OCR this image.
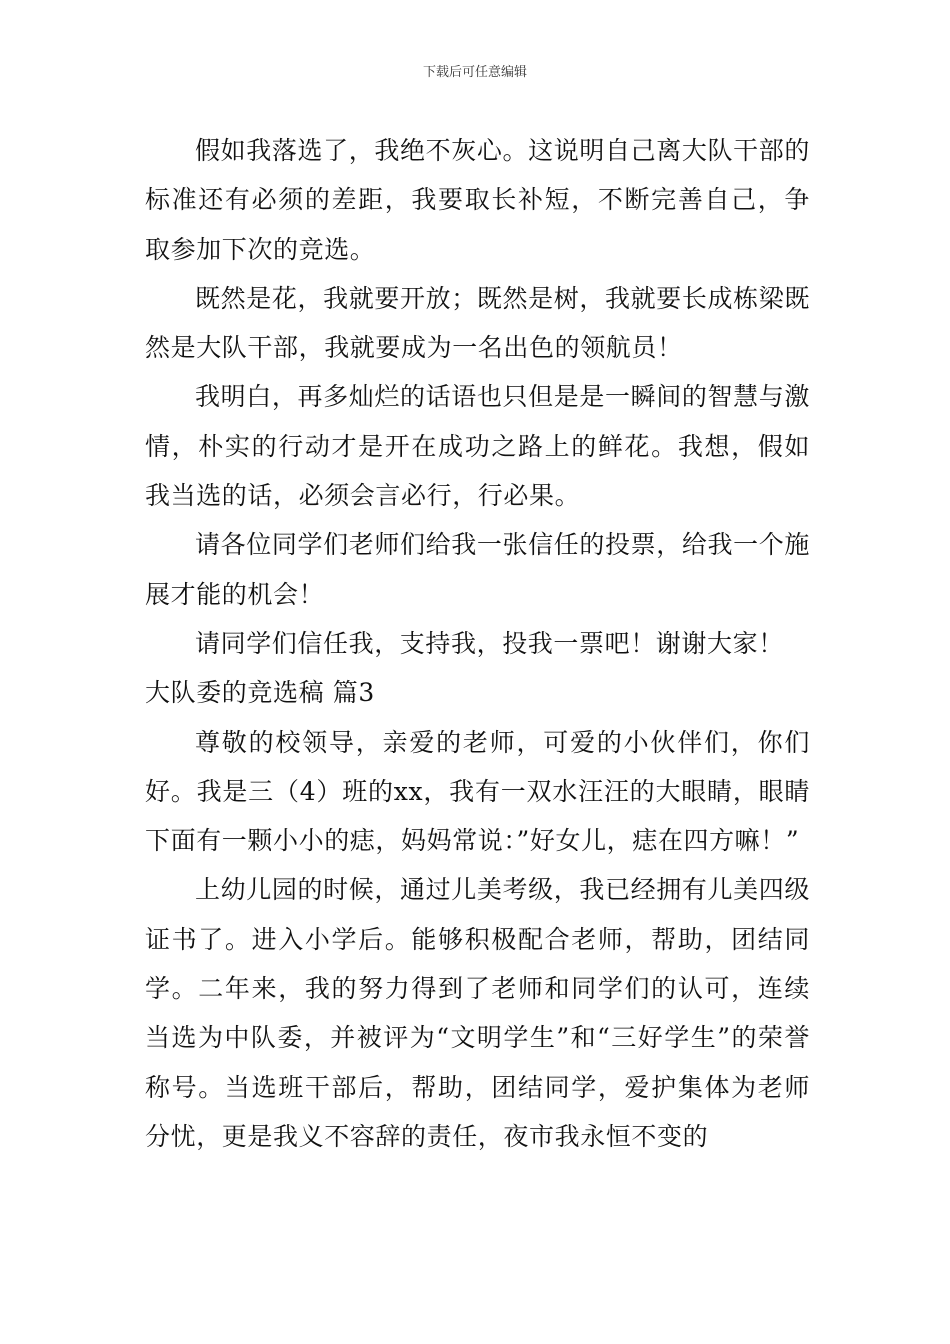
下载后可任意编辑

假如我落选了，我绝不灰心。这说明自己离大队干部的标准还有必须的差距，我要取长补短，不断完善自己，争取参加下次的竞选。

既然是花，我就要开放；既然是树，我就要长成栋梁既然是大队干部，我就要成为一名出色的领航员！

我明白，再多灿烂的话语也只但是是一瞬间的智慧与激情，朴实的行动才是开在成功之路上的鲜花。我想，假如我当选的话，必须会言必行，行必果。

请各位同学们老师们给我一张信任的投票，给我一个施展才能的机会！

请同学们信任我，支持我，投我一票吧！谢谢大家！

大队委的竞选稿 篇3

尊敬的校领导，亲爱的老师，可爱的小伙伴们，你们好。我是三（4）班的xx，我有一双水汪汪的大眼睛，眼睛下面有一颗小小的痣，妈妈常说：”好女儿，痣在四方嘛！”

上幼儿园的时候，通过儿美考级，我已经拥有儿美四级证书了。进入小学后。能够积极配合老师，帮助，团结同学。二年来，我的努力得到了老师和同学们的认可，连续当选为中队委，并被评为“文明学生”和“三好学生”的荣誉称号。当选班干部后，帮助，团结同学，爱护集体为老师分忧，更是我义不容辞的责任，夜市我永恒不变的
